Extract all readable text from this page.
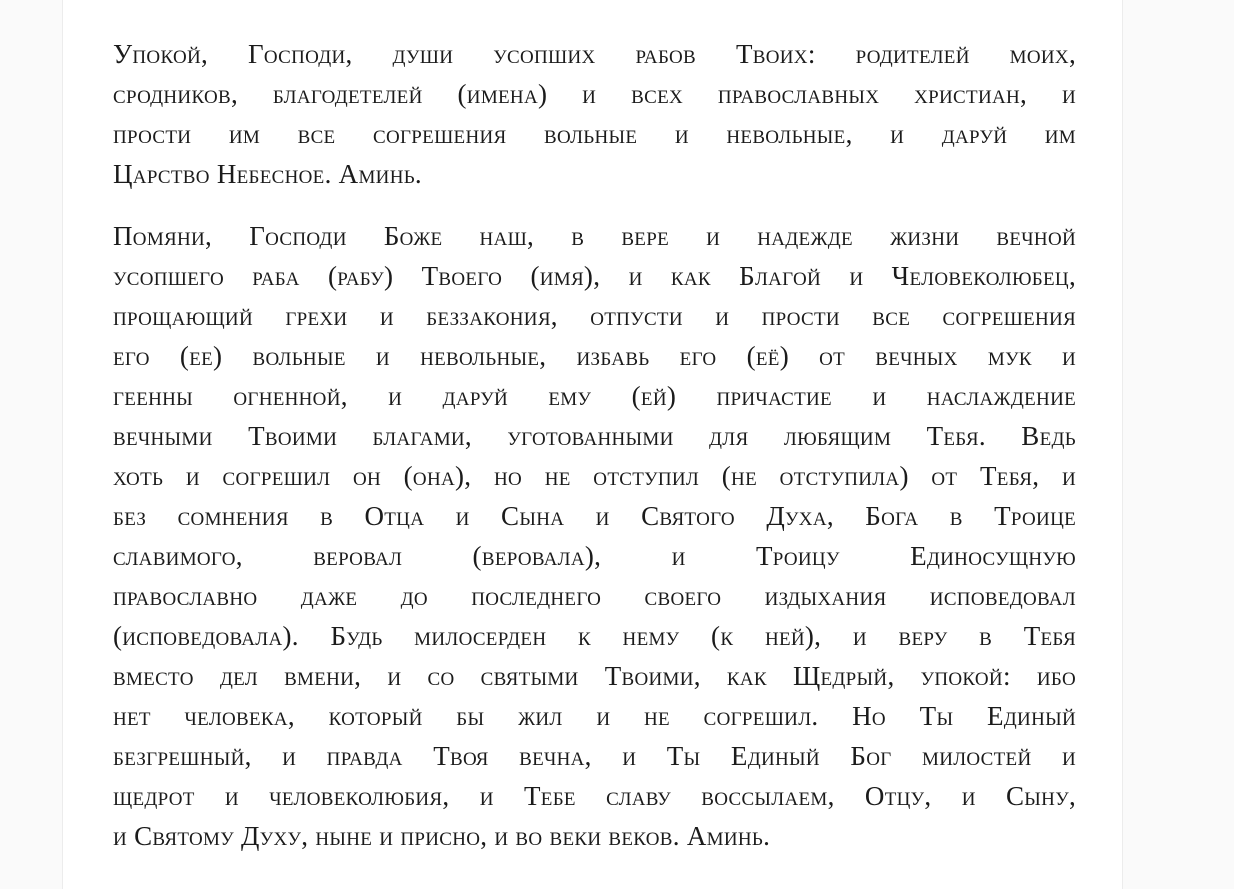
Упокой, Господи, души усопших рабов Твоих: родителей моих,
сродников, благодетелей (имена) и всех православных христиан, и
прости им все согрешения вольные и невольные, и даруй им
Царство Небесное. Аминь.
Помяни, Господи Боже наш, в вере и надежде жизни вечной
усопшего раба (рабу) Твоего (имя), и как Благой и Человеколюбец,
прощающий грехи и беззакония, отпусти и прости все согрешения
его (ее) вольные и невольные, избавь его (её) от вечных мук и
геенны огненной, и даруй ему (ей) причастие и наслаждение
вечными Твоими благами, уготованными для любящим Тебя. Ведь
хоть и согрешил он (она), но не отступил (не отступила) от Тебя, и
без сомнения в Отца и Сына и Святого Духа, Бога в Троице
славимого, веровал (веровала), и Троицу Единосущную
православно даже до последнего своего издыхания исповедовал
(исповедовала). Будь милосерден к нему (к ней), и веру в Тебя
вместо дел вмени, и со святыми Твоими, как Щедрый, упокой: ибо
нет человека, который бы жил и не согрешил. Но Ты Единый
безгрешный, и правда Твоя вечна, и Ты Единый Бог милостей и
щедрот и человеколюбия, и Тебе славу воссылаем, Отцу, и Сыну,
и Святому Духу, ныне и присно, и во веки веков. Аминь.
